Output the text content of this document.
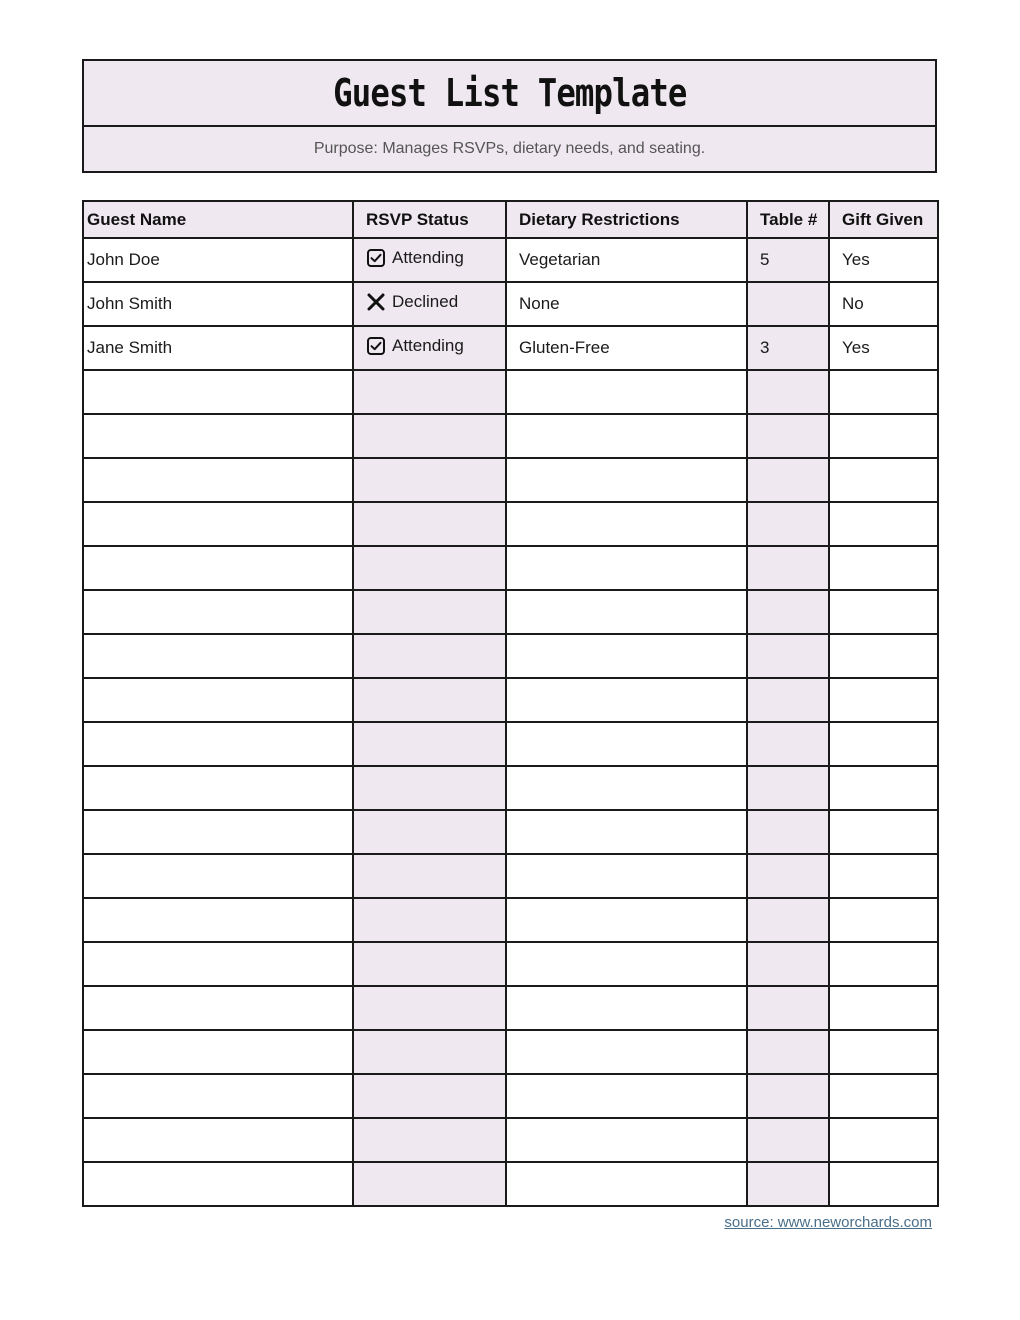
Guest List Template
Purpose: Manages RSVPs, dietary needs, and seating.
Guest Name	RSVP Status	Dietary Restrictions	Table #	Gift Given
John Doe	Attending	Vegetarian	5	Yes
John Smith	Declined	None		No
Jane Smith	Attending	Gluten-Free	3	Yes

source: www.neworchards.com
